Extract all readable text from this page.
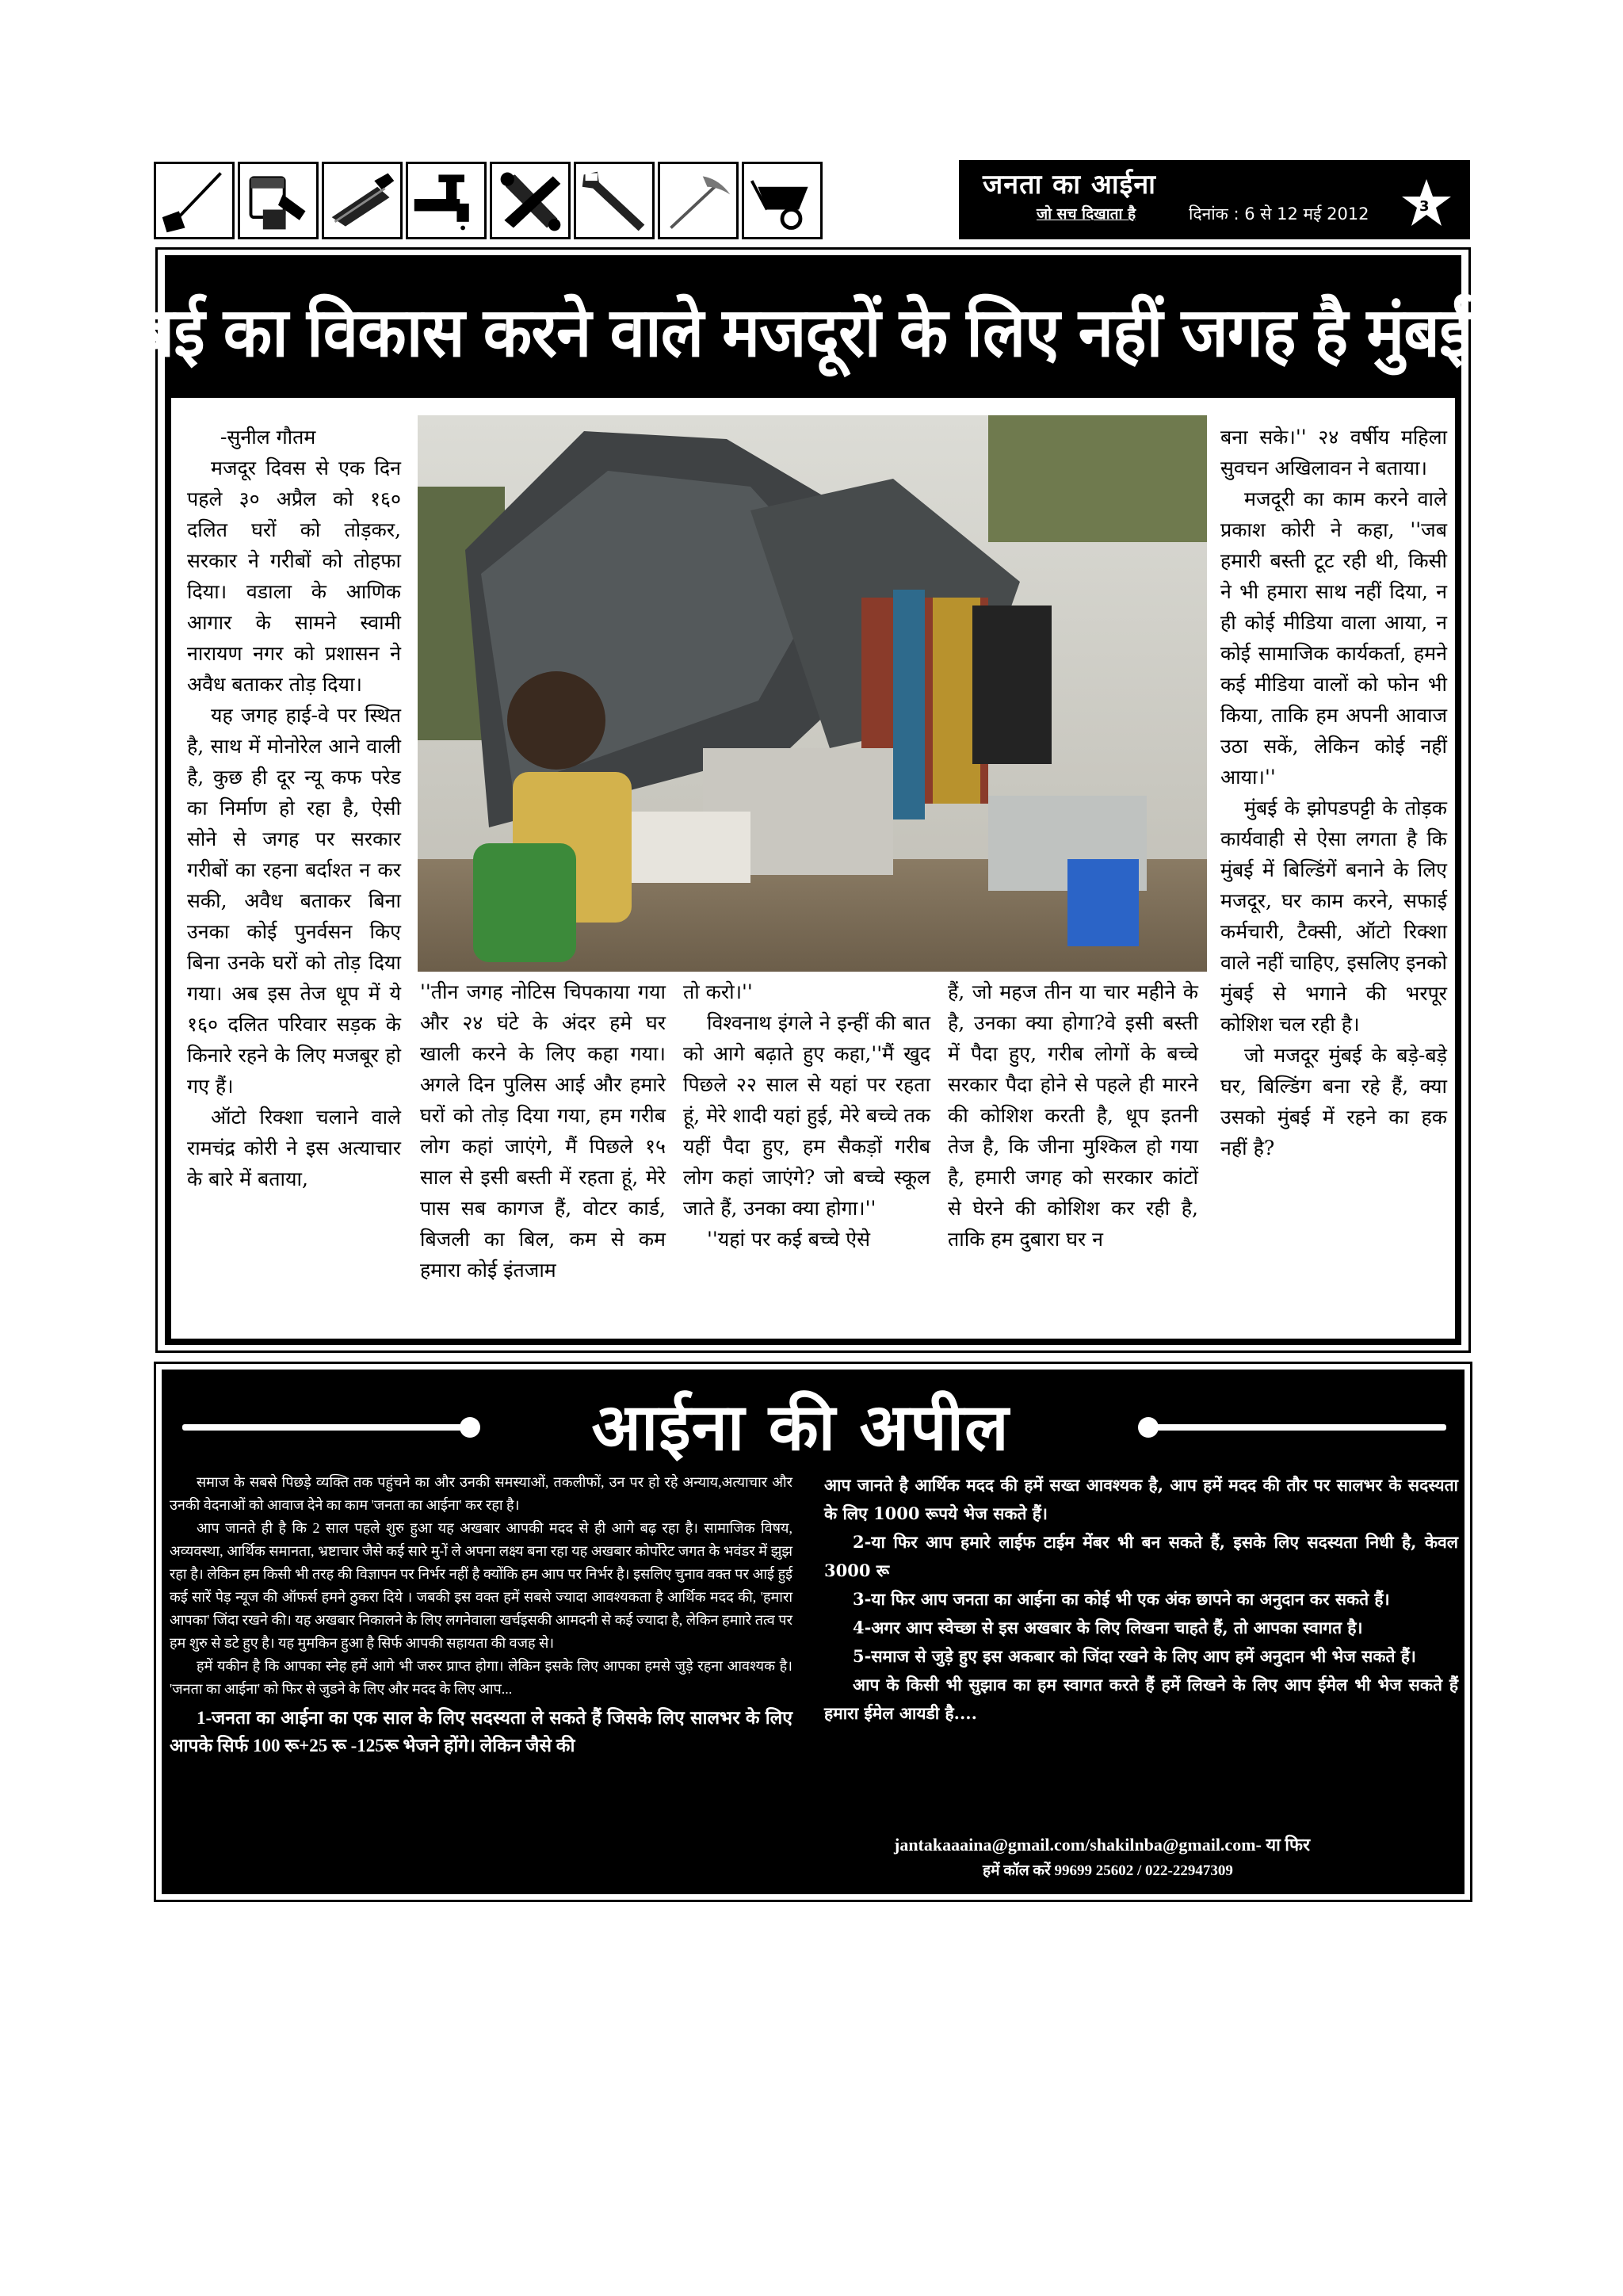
जनता का आईना
जो सच दिखाता है	दिनांक : 6 से 12 मई 2012	3
मुंबई का विकास करने वाले मजदूरों के लिए नहीं जगह है मुंबई में

-सुनील गौतम

मजदूर दिवस से एक दिन पहले ३० अप्रैल को १६० दलित घरों को तोड़कर, सरकार ने गरीबों को तोहफा दिया। वडाला के आणिक आगार के सामने स्वामी नारायण नगर को प्रशासन ने अवैध बताकर तोड़ दिया।

यह जगह हाई-वे पर स्थित है, साथ में मोनोरेल आने वाली है, कुछ ही दूर न्यू कफ परेड का निर्माण हो रहा है, ऐसी सोने से जगह पर सरकार गरीबों का रहना बर्दाश्त न कर सकी, अवैध बताकर बिना उनका कोई पुनर्वसन किए बिना उनके घरों को तोड़ दिया गया। अब इस तेज धूप में ये १६० दलित परिवार सड़क के किनारे रहने के लिए मजबूर हो गए हैं।

ऑटो रिक्शा चलाने वाले रामचंद्र कोरी ने इस अत्याचार के बारे में बताया,

''तीन जगह नोटिस चिपकाया गया और २४ घंटे के अंदर हमे घर खाली करने के लिए कहा गया। अगले दिन पुलिस आई और हमारे घरों को तोड़ दिया गया, हम गरीब लोग कहां जाएंगे, मैं पिछले १५ साल से इसी बस्ती में रहता हूं, मेरे पास सब कागज हैं, वोटर कार्ड, बिजली का बिल, कम से कम हमारा कोई इंतजाम

तो करो।''

विश्वनाथ इंगले ने इन्हीं की बात को आगे बढ़ाते हुए कहा,''मैं खुद पिछले २२ साल से यहां पर रहता हूं, मेरे शादी यहां हुई, मेरे बच्चे तक यहीं पैदा हुए, हम सैकड़ों गरीब लोग कहां जाएंगे? जो बच्चे स्कूल जाते हैं, उनका क्या होगा।''

''यहां पर कई बच्चे ऐसे

हैं, जो महज तीन या चार महीने के है, उनका क्या होगा?वे इसी बस्ती में पैदा हुए, गरीब लोगों के बच्चे सरकार पैदा होने से पहले ही मारने की कोशिश करती है, धूप इतनी तेज है, कि जीना मुश्किल हो गया है, हमारी जगह को सरकार कांटों से घेरने की कोशिश कर रही है, ताकि हम दुबारा घर न

बना सके।'' २४ वर्षीय महिला सुवचन अखिलावन ने बताया।

मजदूरी का काम करने वाले प्रकाश कोरी ने कहा, ''जब हमारी बस्ती टूट रही थी, किसी ने भी हमारा साथ नहीं दिया, न ही कोई मीडिया वाला आया, न कोई सामाजिक कार्यकर्ता, हमने कई मीडिया वालों को फोन भी किया, ताकि हम अपनी आवाज उठा सकें, लेकिन कोई नहीं आया।''

मुंबई के झोपडपट्टी के तोड़क कार्यवाही से ऐसा लगता है कि मुंबई में बिल्डिंगें बनाने के लिए मजदूर, घर काम करने, सफाई कर्मचारी, टैक्सी, ऑटो रिक्शा वाले नहीं चाहिए, इसलिए इनको मुंबई से भगाने की भरपूर कोशिश चल रही है।

जो मजदूर मुंबई के बड़े-बड़े घर, बिल्डिंग बना रहे हैं, क्या उसको मुंबई में रहने का हक नहीं है?

आईना की अपील

समाज के सबसे पिछड़े व्यक्ति तक पहुंचने का और उनकी समस्याओं, तकलीफों, उन पर हो रहे अन्याय,अत्याचार और उनकी वेदनाओं को आवाज देने का काम 'जनता का आईना' कर रहा है।

आप जानते ही है कि 2 साल पहले शुरु हुआ यह अखबार आपकी मदद से ही आगे बढ़ रहा है। सामाजिक विषय, अव्यवस्था, आर्थिक समानता, भ्रष्टाचार जैसे कई सारे मु-ों ले अपना लक्ष्य बना रहा यह अखबार कोर्पोरेट जगत के भवंडर में झुझ रहा है। लेकिन हम किसी भी तरह की विज्ञापन पर निर्भर नहीं है क्योंकि हम आप पर निर्भर है। इसलिए चुनाव वक्त पर आई हुई कई सारें पेड़ न्यूज की ऑफर्स हमने ठुकरा दिये । जबकी इस वक्त हमें सबसे ज्यादा आवश्यकता है आर्थिक मदद की, 'हमारा आपका' जिंदा रखने की। यह अखबार निकालने के लिए लगनेवाला खर्चइसकी आमदनी से कई ज्यादा है, लेकिन हमाारे तत्व पर हम शुरु से डटे हुए है। यह मुमकिन हुआ है सिर्फ आपकी सहायता की वजह से।

हमें यकीन है कि आपका स्नेह हमें आगे भी जरुर प्राप्त होगा। लेकिन इसके लिए आपका हमसे जुड़े रहना आवश्यक है। 'जनता का आईना' को फिर से जुडने के लिए और मदद के लिए आप...

1-जनता का आईना का एक साल के लिए सदस्यता ले सकते हैं जिसके लिए सालभर के लिए आपके सिर्फ 100 रू+25 रू -125रू भेजने होंगे। लेकिन जैसे की

आप जानते है आर्थिक मदद की हमें सख्त आवश्यक है, आप हमें मदद की तौर पर सालभर के सदस्यता के लिए 1000 रूपये भेज सकते हैं।

2-या फिर आप हमारे लाईफ टाईम मेंबर भी बन सकते हैं, इसके लिए सदस्यता निधी है, केवल 3000 रू

3-या फिर आप जनता का आईना का कोई भी एक अंक छापने का अनुदान कर सकते हैं।

4-अगर आप स्वेच्छा से इस अखबार के लिए लिखना चाहते हैं, तो आपका स्वागत है।

5-समाज से जुड़े हुए इस अकबार को जिंदा रखने के लिए आप हमें अनुदान भी भेज सकते हैं।

आप के किसी भी सुझाव का हम स्वागत करते हैं हमें लिखने के लिए आप ईमेल भी भेज सकते हैं हमारा ईमेल आयडी है....

jantakaaaina@gmail.com/shakilnba@gmail.com- या फिर
हमें कॉल करें 99699 25602 / 022-22947309
